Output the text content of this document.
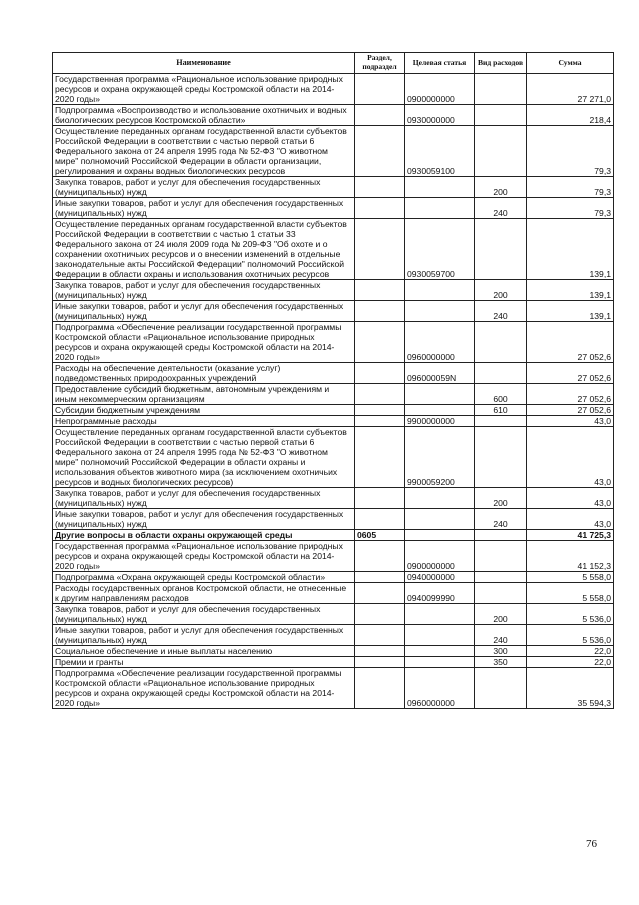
Наименование	Раздел, подраздел	Целевая статья	Вид расходов	Сумма
Государственная программа «Рациональное использование природных ресурсов и охрана окружающей среды Костромской области на 2014-2020 годы»		0900000000		27 271,0
Подпрограмма «Воспроизводство и использование охотничьих и водных биологических ресурсов Костромской области»		0930000000		218,4
Осуществление переданных органам государственной власти субъектов Российской Федерации в соответствии с частью первой статьи 6 Федерального закона от 24 апреля 1995 года № 52-ФЗ "О животном мире" полномочий Российской Федерации в области организации, регулирования и охраны водных биологических ресурсов		0930059100		79,3
Закупка товаров, работ и услуг для обеспечения государственных (муниципальных) нужд			200	79,3
Иные закупки товаров, работ и услуг для обеспечения государственных (муниципальных) нужд			240	79,3
Осуществление переданных органам государственной власти субъектов Российской Федерации в соответствии с частью 1 статьи 33 Федерального закона от 24 июля 2009 года № 209-ФЗ "Об охоте и о сохранении охотничьих ресурсов и о внесении изменений в отдельные законодательные акты Российской Федерации" полномочий Российской Федерации в области охраны и использования охотничьих ресурсов		0930059700		139,1
Закупка товаров, работ и услуг для обеспечения государственных (муниципальных) нужд			200	139,1
Иные закупки товаров, работ и услуг для обеспечения государственных (муниципальных) нужд			240	139,1
Подпрограмма «Обеспечение реализации государственной программы Костромской области «Рациональное использование природных ресурсов и охрана окружающей среды Костромской области на 2014-2020 годы»		0960000000		27 052,6
Расходы на обеспечение деятельности (оказание услуг) подведомственных природоохранных учреждений		096000059N		27 052,6
Предоставление субсидий бюджетным, автономным учреждениям и иным некоммерческим организациям			600	27 052,6
Субсидии бюджетным учреждениям			610	27 052,6
Непрограммные расходы		9900000000		43,0
Осуществление переданных органам государственной власти субъектов Российской Федерации в соответствии с частью первой статьи 6 Федерального закона от 24 апреля 1995 года № 52-ФЗ "О животном мире" полномочий Российской Федерации в области охраны и использования объектов животного мира (за исключением охотничьих ресурсов и водных биологических ресурсов)		9900059200		43,0
Закупка товаров, работ и услуг для обеспечения государственных (муниципальных) нужд			200	43,0
Иные закупки товаров, работ и услуг для обеспечения государственных (муниципальных) нужд			240	43,0
Другие вопросы в области охраны окружающей среды	0605			41 725,3
Государственная программа «Рациональное использование природных ресурсов и охрана окружающей среды Костромской области на 2014-2020 годы»		0900000000		41 152,3
Подпрограмма «Охрана окружающей среды Костромской области»		0940000000		5 558,0
Расходы государственных органов Костромской области, не отнесенные к другим направлениям расходов		0940099990		5 558,0
Закупка товаров, работ и услуг для обеспечения государственных (муниципальных) нужд			200	5 536,0
Иные закупки товаров, работ и услуг для обеспечения государственных (муниципальных) нужд			240	5 536,0
Социальное обеспечение и иные выплаты населению			300	22,0
Премии и гранты			350	22,0
Подпрограмма «Обеспечение реализации государственной программы Костромской области «Рациональное использование природных ресурсов и охрана окружающей среды Костромской области на 2014-2020 годы»		0960000000		35 594,3
76
